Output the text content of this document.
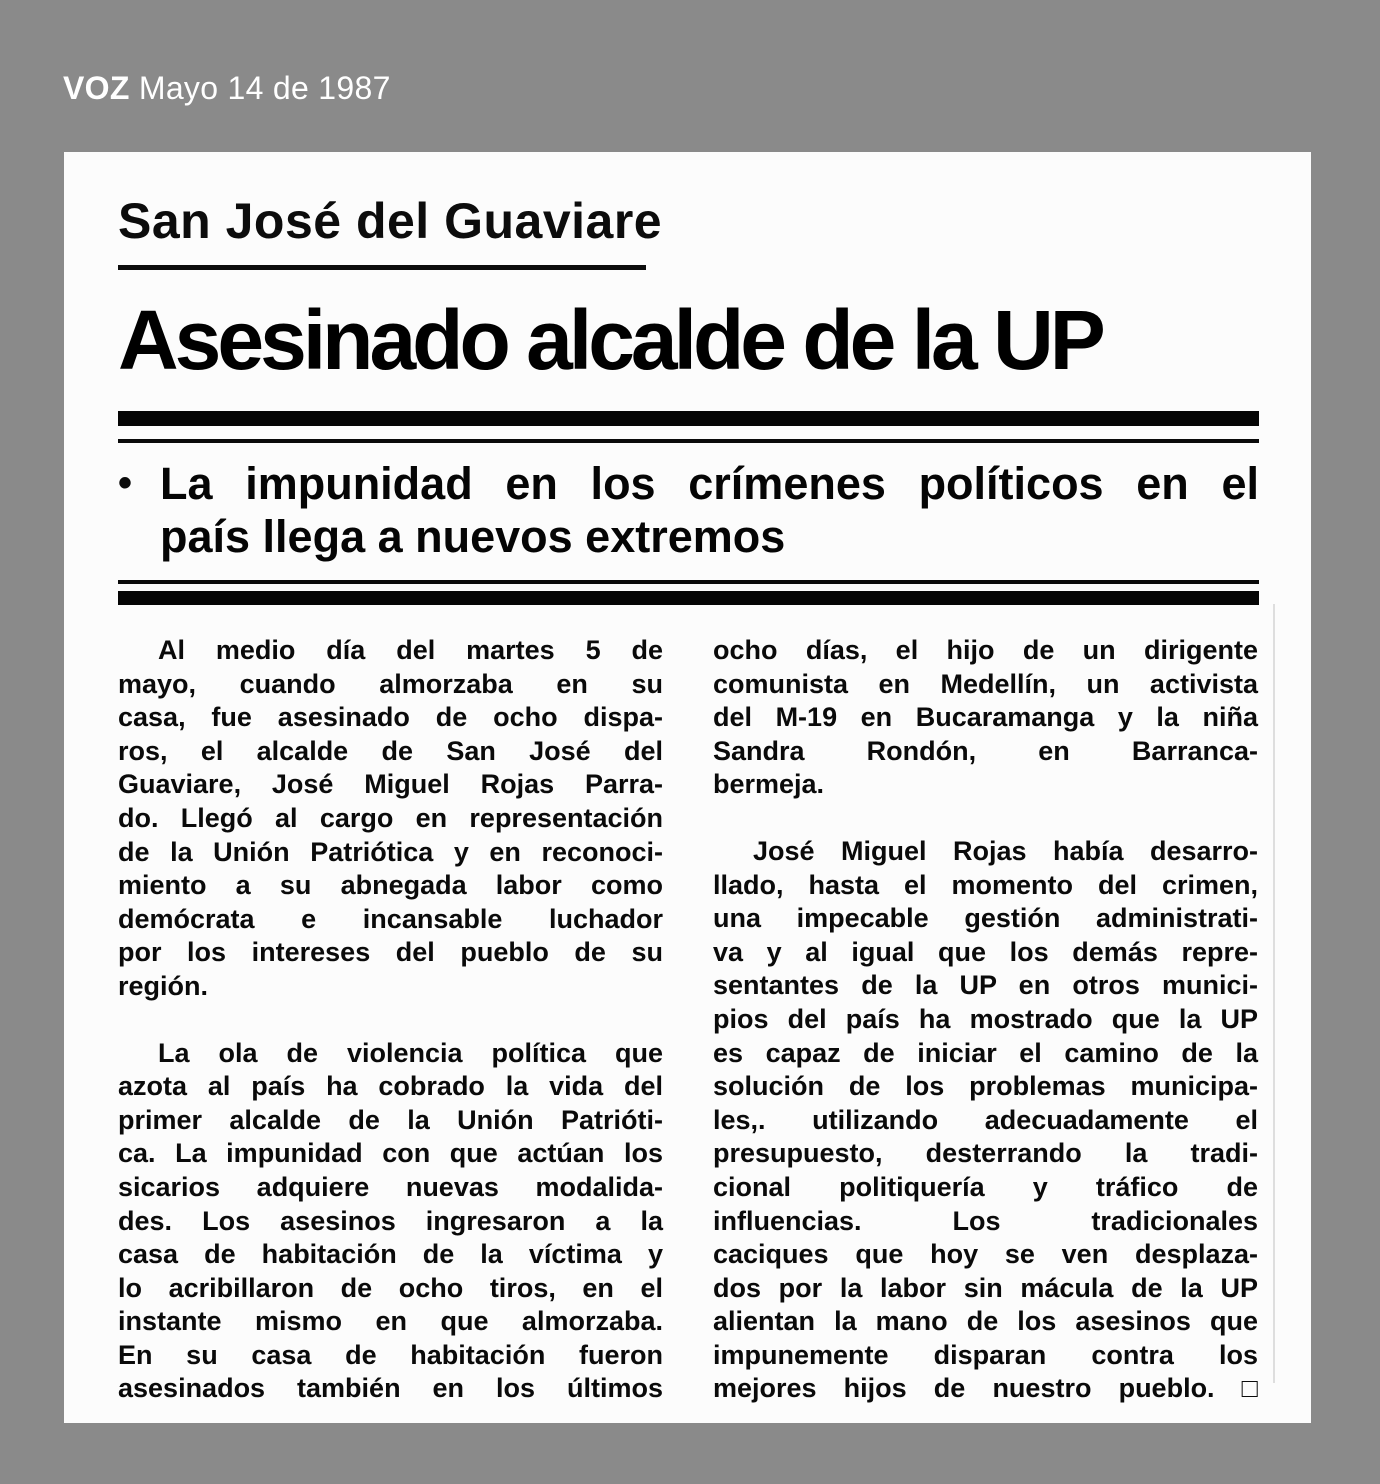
VOZ Mayo 14 de 1987
San José del Guaviare
Asesinado alcalde de la UP
• La impunidad en los crímenes políticos en el
país llega a nuevos extremos
Al medio día del martes 5 de
mayo, cuando almorzaba en su
casa, fue asesinado de ocho dispa-
ros, el alcalde de San José del
Guaviare, José Miguel Rojas Parra-
do. Llegó al cargo en representación
de la Unión Patriótica y en reconoci-
miento a su abnegada labor como
demócrata e incansable luchador
por los intereses del pueblo de su
región.
La ola de violencia política que
azota al país ha cobrado la vida del
primer alcalde de la Unión Patrióti-
ca. La impunidad con que actúan los
sicarios adquiere nuevas modalida-
des. Los asesinos ingresaron a la
casa de habitación de la víctima y
lo acribillaron de ocho tiros, en el
instante mismo en que almorzaba.
En su casa de habitación fueron
asesinados también en los últimos
ocho días, el hijo de un dirigente
comunista en Medellín, un activista
del M-19 en Bucaramanga y la niña
Sandra Rondón, en Barranca-
bermeja.
José Miguel Rojas había desarro-
llado, hasta el momento del crimen,
una impecable gestión administrati-
va y al igual que los demás repre-
sentantes de la UP en otros munici-
pios del país ha mostrado que la UP
es capaz de iniciar el camino de la
solución de los problemas municipa-
les,. utilizando adecuadamente el
presupuesto, desterrando la tradi-
cional politiquería y tráfico de
influencias. Los tradicionales
caciques que hoy se ven desplaza-
dos por la labor sin mácula de la UP
alientan la mano de los asesinos que
impunemente disparan contra los
mejores hijos de nuestro pueblo. □
